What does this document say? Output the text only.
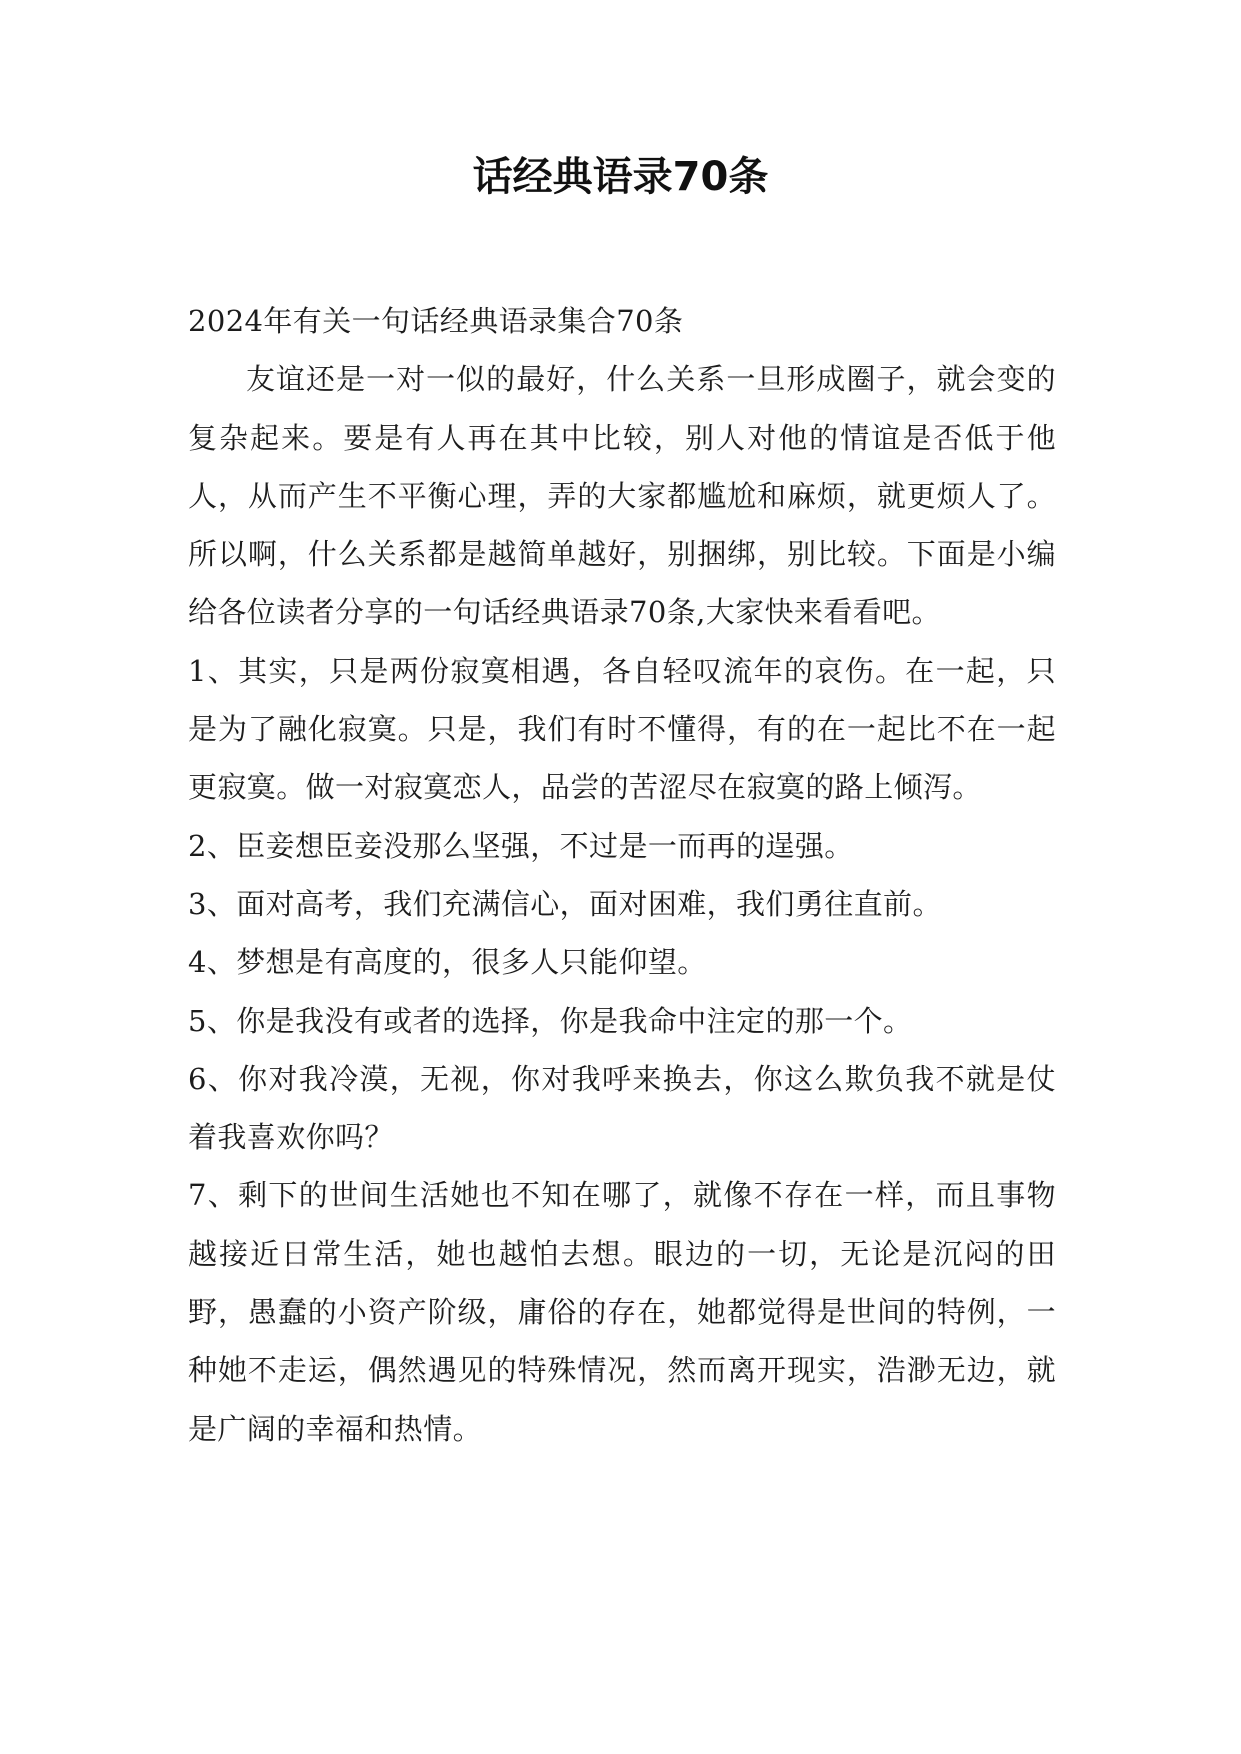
话经典语录70条

2024年有关一句话经典语录集合70条

友谊还是一对一似的最好，什么关系一旦形成圈子，就会变的复杂起来。要是有人再在其中比较，别人对他的情谊是否低于他人，从而产生不平衡心理，弄的大家都尴尬和麻烦，就更烦人了。所以啊，什么关系都是越简单越好，别捆绑，别比较。下面是小编给各位读者分享的一句话经典语录70条,大家快来看看吧。

1、其实，只是两份寂寞相遇，各自轻叹流年的哀伤。在一起，只是为了融化寂寞。只是，我们有时不懂得，有的在一起比不在一起更寂寞。做一对寂寞恋人，品尝的苦涩尽在寂寞的路上倾泻。

2、臣妾想臣妾没那么坚强，不过是一而再的逞强。

3、面对高考，我们充满信心，面对困难，我们勇往直前。

4、梦想是有高度的，很多人只能仰望。

5、你是我没有或者的选择，你是我命中注定的那一个。

6、你对我冷漠，无视，你对我呼来换去，你这么欺负我不就是仗着我喜欢你吗？

7、剩下的世间生活她也不知在哪了，就像不存在一样，而且事物越接近日常生活，她也越怕去想。眼边的一切，无论是沉闷的田野，愚蠢的小资产阶级，庸俗的存在，她都觉得是世间的特例，一种她不走运，偶然遇见的特殊情况，然而离开现实，浩渺无边，就是广阔的幸福和热情。
